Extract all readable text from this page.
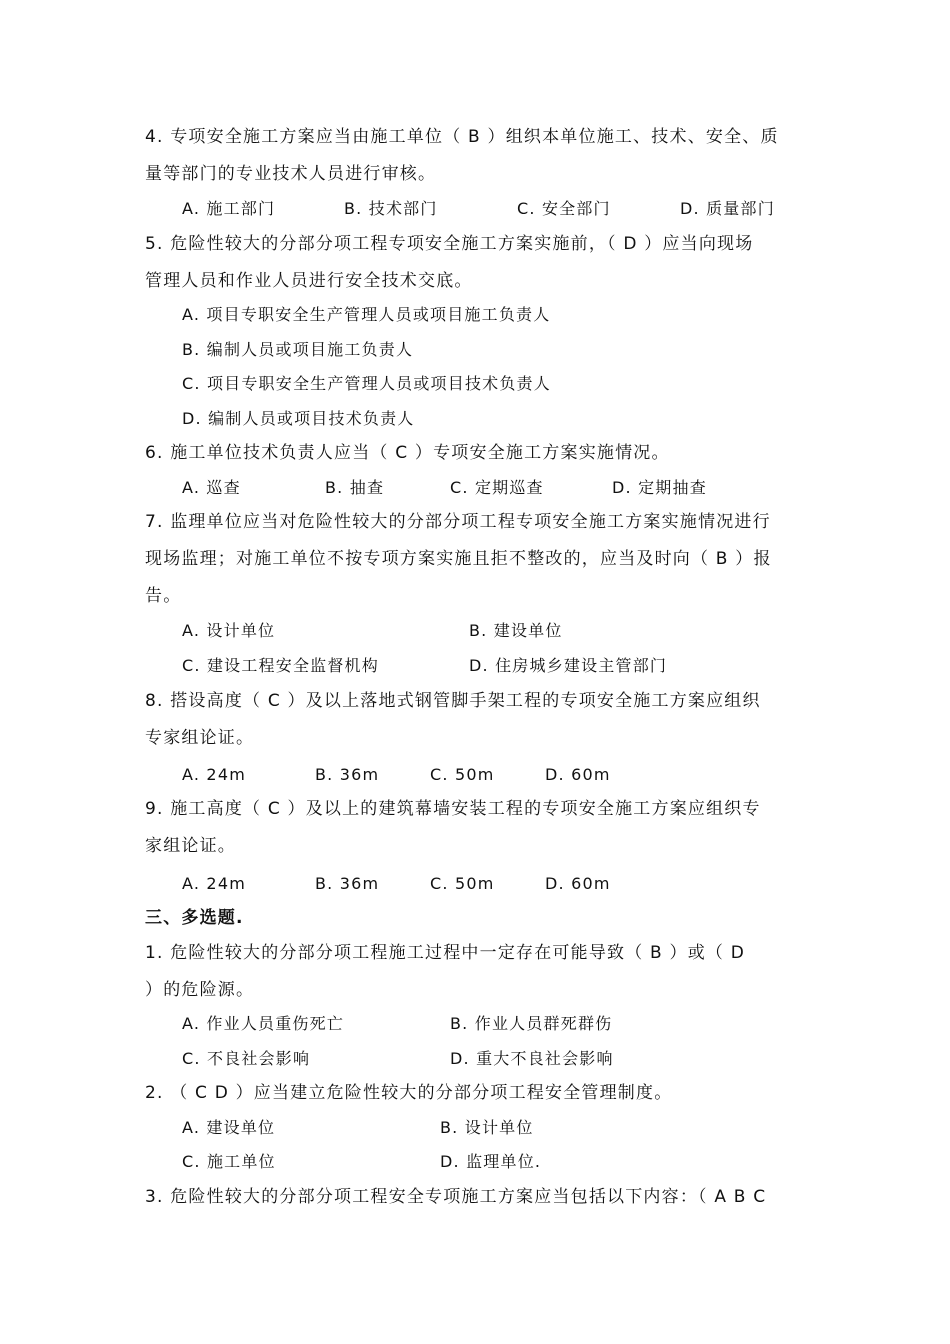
4. 专项安全施工方案应当由施工单位（ B ）组织本单位施工、技术、安全、质
量等部门的专业技术人员进行审核。
A. 施工部门	B. 技术部门	C. 安全部门	D. 质量部门
5. 危险性较大的分部分项工程专项安全施工方案实施前，（ D ）应当向现场
管理人员和作业人员进行安全技术交底。
A. 项目专职安全生产管理人员或项目施工负责人
B. 编制人员或项目施工负责人
C. 项目专职安全生产管理人员或项目技术负责人
D. 编制人员或项目技术负责人
6. 施工单位技术负责人应当（ C ）专项安全施工方案实施情况。
A. 巡查	B. 抽查	C. 定期巡查	D. 定期抽查
7. 监理单位应当对危险性较大的分部分项工程专项安全施工方案实施情况进行
现场监理；对施工单位不按专项方案实施且拒不整改的，应当及时向（ B ）报
告。
A. 设计单位	B. 建设单位
C. 建设工程安全监督机构	D. 住房城乡建设主管部门
8. 搭设高度（ C ）及以上落地式钢管脚手架工程的专项安全施工方案应组织
专家组论证。
A. 24m	B. 36m	C. 50m	D. 60m
9. 施工高度（ C ）及以上的建筑幕墙安装工程的专项安全施工方案应组织专
家组论证。
A. 24m	B. 36m	C. 50m	D. 60m
三、多选题.
1. 危险性较大的分部分项工程施工过程中一定存在可能导致（ B ）或（ D
）的危险源。
A. 作业人员重伤死亡	B. 作业人员群死群伤
C. 不良社会影响	D. 重大不良社会影响
2. （ C D ）应当建立危险性较大的分部分项工程安全管理制度。
A. 建设单位	B. 设计单位
C. 施工单位	D. 监理单位.
3. 危险性较大的分部分项工程安全专项施工方案应当包括以下内容：（ A B C
